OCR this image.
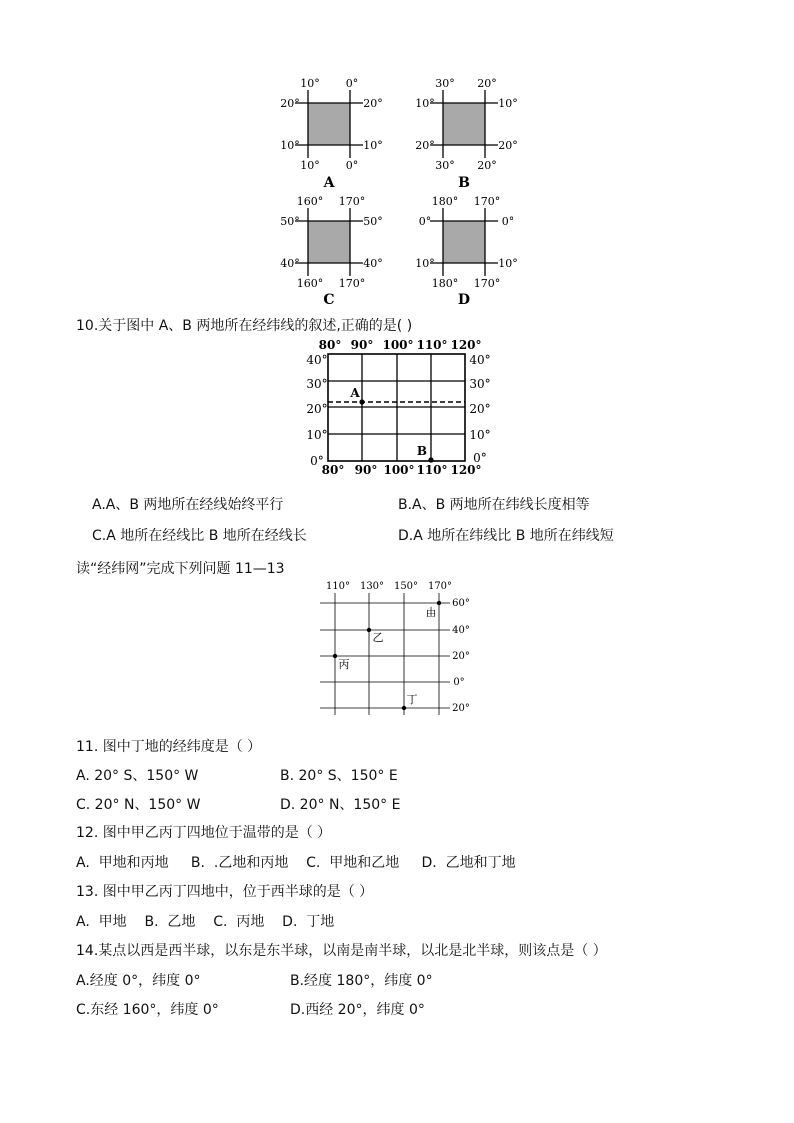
10° 0°
20°	20°
10°	10°
10° 0°
A
30° 20°
10°	10°
20°	20°
30° 20°
B
160° 170°
50°	50°
40°	40°
160° 170°
C
180° 170°
0°	0°
10°	10°
180° 170°
D
10.关于图中 A、B 两地所在经纬线的叙述,正确的是( )
80° 90° 100° 110° 120°
40°
30°
20°
10°
0°
40°
30°
20°
10°
0°
80° 90° 100° 110° 120°
A
B
A.A、B 两地所在经线始终平行	B.A、B 两地所在纬线长度相等
C.A 地所在经线比 B 地所在经线长	D.A 地所在纬线比 B 地所在纬线短
读“经纬网”完成下列问题 11—13
110° 130° 150° 170°
60°
40°
20°
0°
20°
甲
乙
丙
丁
11. 图中丁地的经纬度是（ ）
A. 20° S、150° W	B. 20° S、150° E
C. 20° N、150° W	D. 20° N、150° E
12. 图中甲乙丙丁四地位于温带的是（ ）
A.  甲地和丙地     B.  .乙地和丙地    C.  甲地和乙地     D.  乙地和丁地
13. 图中甲乙丙丁四地中，位于西半球的是（ ）
A.  甲地    B.  乙地    C.  丙地    D.  丁地
14.某点以西是西半球，以东是东半球，以南是南半球，以北是北半球，则该点是（ ）
A.经度 0°，纬度 0°	B.经度 180°，纬度 0°
C.东经 160°，纬度 0°	D.西经 20°，纬度 0°
